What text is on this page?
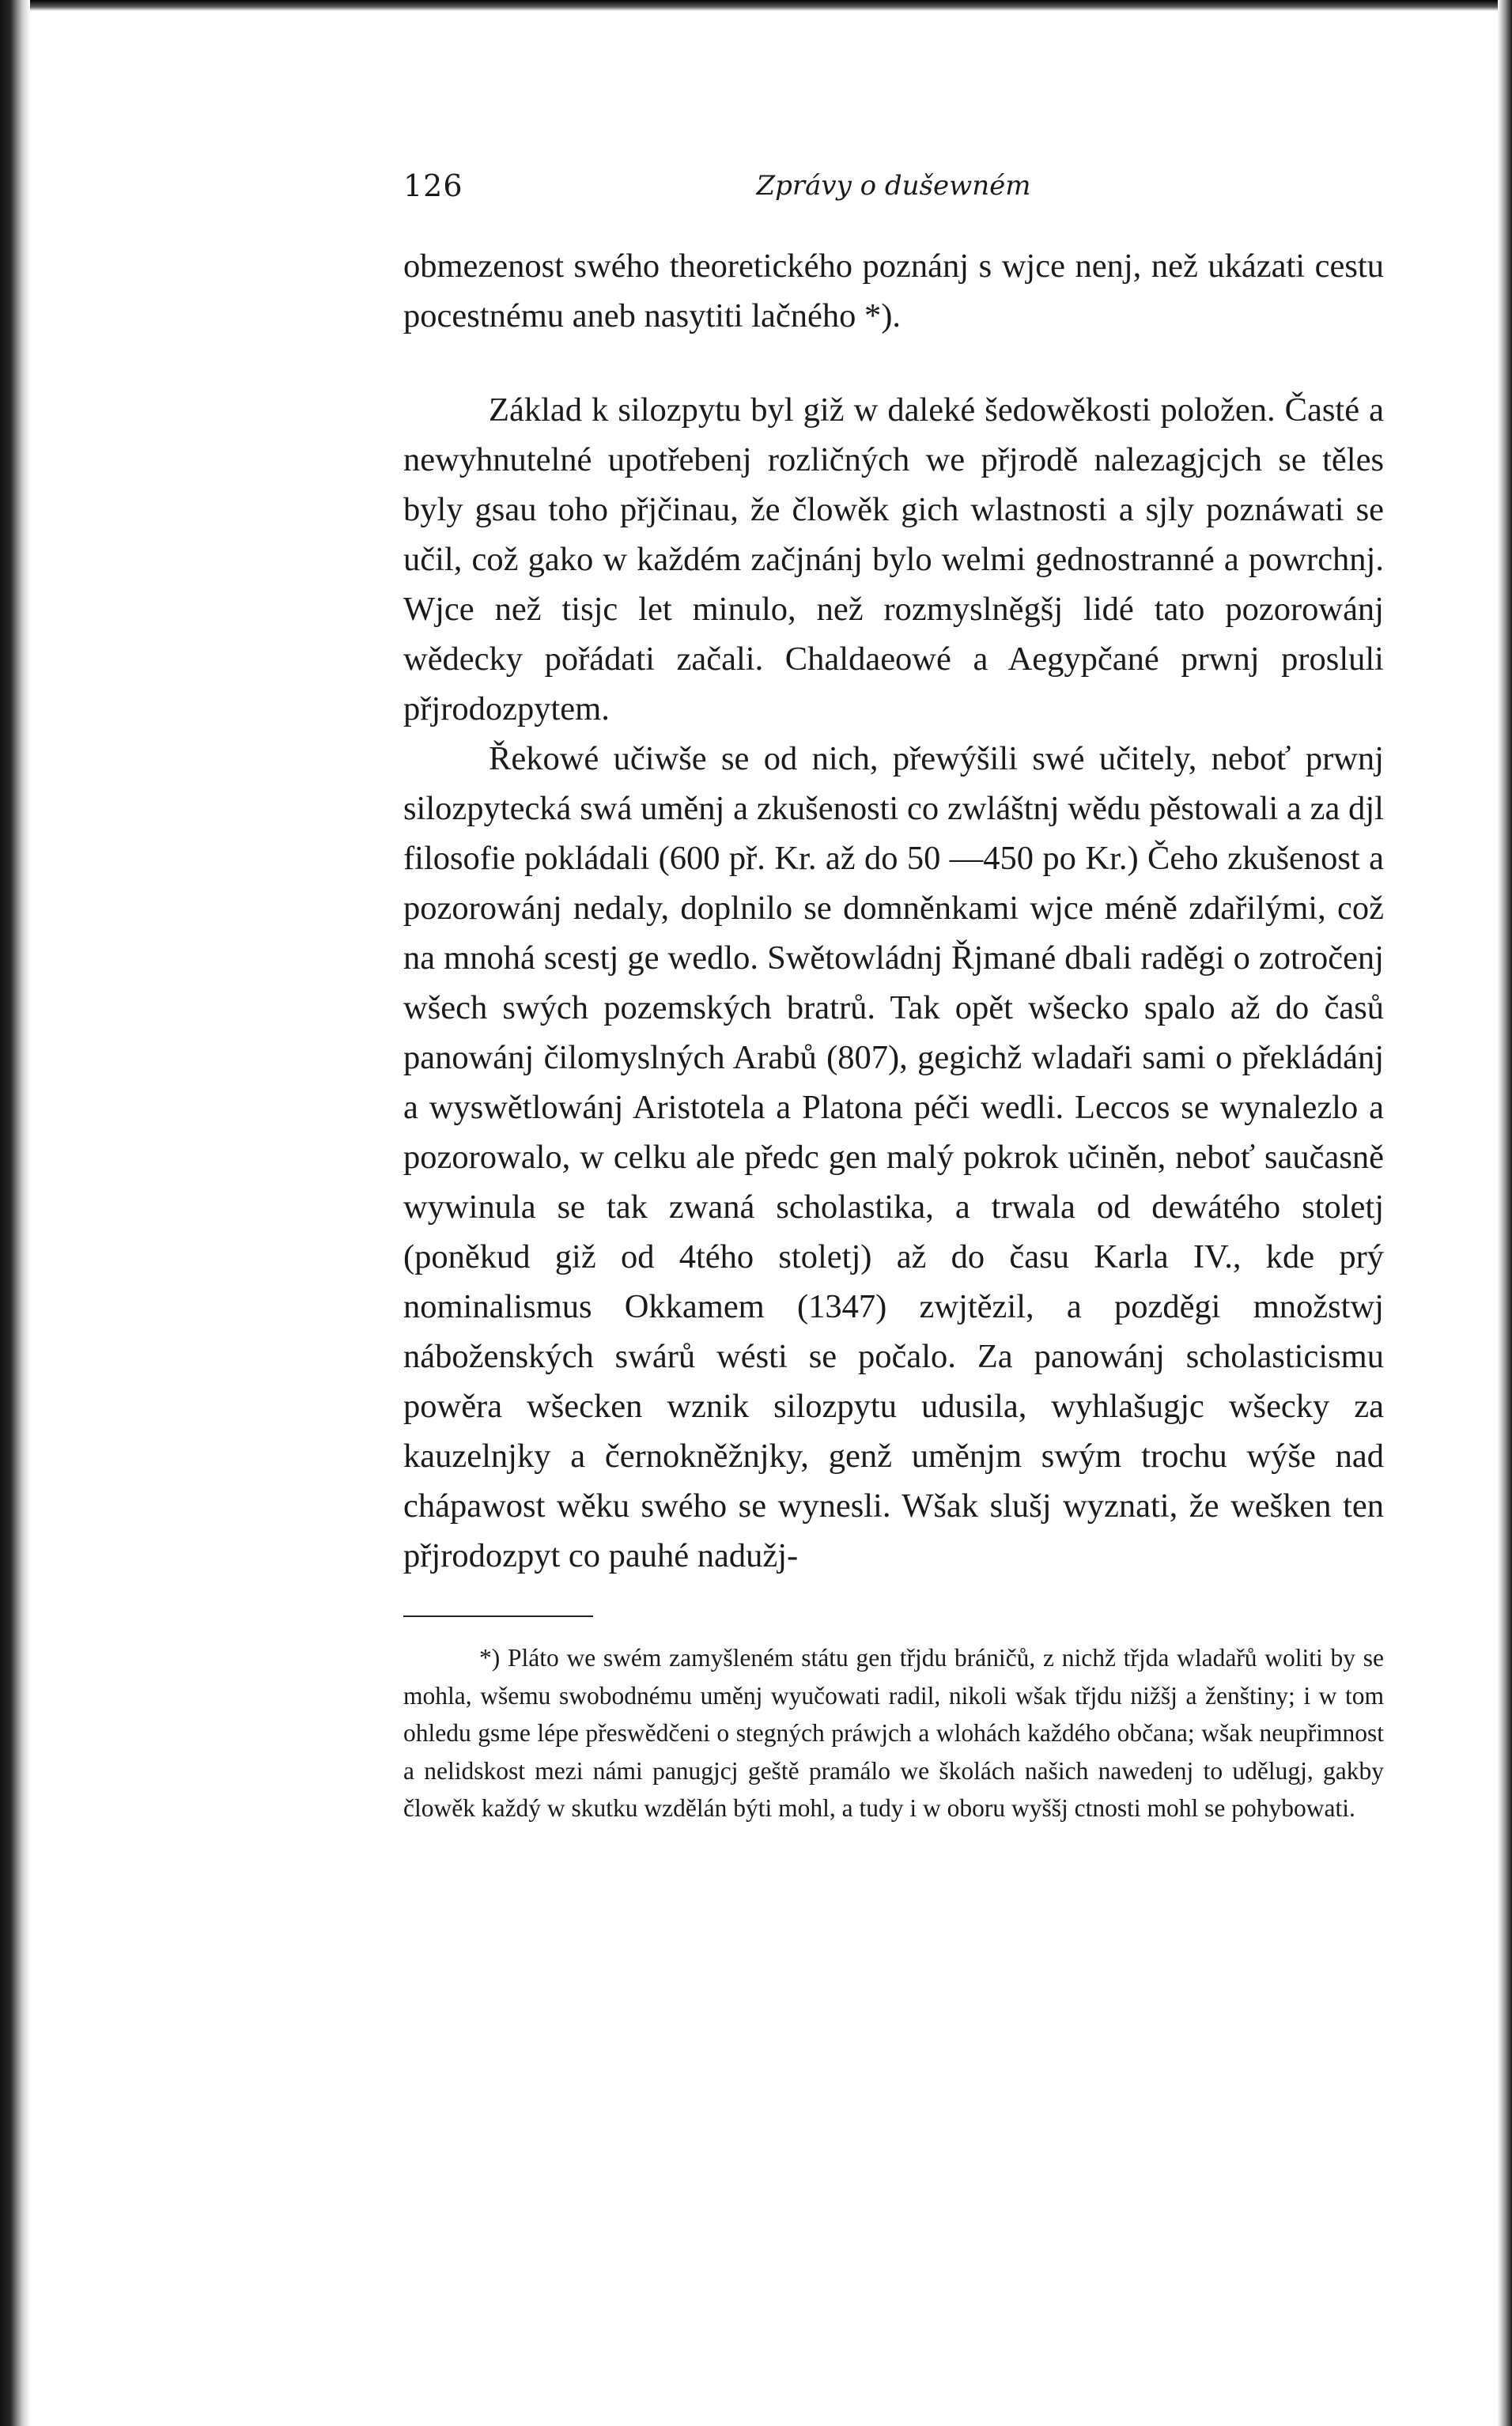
126	Zprávy o dušewném

obmezenost swého theoretického poznánj s wjce nenj, než ukázati cestu pocestnému aneb nasytiti lačného *).

Základ k silozpytu byl giž w daleké šedowěkosti položen. Časté a newyhnutelné upotřebenj rozličných we přjrodě nalezagjcjch se těles byly gsau toho přjčinau, že člowěk gich wlastnosti a sjly poznáwati se učil, což gako w každém začjnánj bylo welmi gednostranné a powrchnj. Wjce než tisjc let minulo, než rozmyslněgšj lidé tato pozorowánj wědecky pořádati začali. Chaldaeowé a Aegypčané prwnj prosluli přjrodozpytem.

Řekowé učiwše se od nich, přewýšili swé učitely, neboť prwnj silozpytecká swá uměnj a zkušenosti co zwláštnj wědu pěstowali a za djl filosofie pokládali (600 př. Kr. až do 50 —450 po Kr.) Čeho zkušenost a pozorowánj nedaly, doplnilo se domněnkami wjce méně zdařilými, což na mnohá scestj ge wedlo. Swětowládnj Řjmané dbali raděgi o zotročenj wšech swých pozemských bratrů. Tak opět wšecko spalo až do časů panowánj čilomyslných Arabů (807), gegichž wladaři sami o překládánj a wyswětlowánj Aristotela a Platona péči wedli. Leccos se wynalezlo a pozorowalo, w celku ale předc gen malý pokrok učiněn, neboť saučasně wywinula se tak zwaná scholastika, a trwala od dewátého stoletj (poněkud giž od 4tého stoletj) až do času Karla IV., kde prý nominalismus Okkamem (1347) zwjtězil, a pozděgi množstwj náboženských swárů wésti se počalo. Za panowánj scholasticismu powěra wšecken wznik silozpytu udusila, wyhlašugjc wšecky za kauzelnjky a černokněžnjky, genž uměnjm swým trochu wýše nad chápawost wěku swého se wynesli. Wšak slušj wyznati, že wešken ten přjrodozpyt co pauhé nadužj-

*) Pláto we swém zamyšleném státu gen třjdu bráničů, z nichž třjda wladařů woliti by se mohla, wšemu swobodnému uměnj wyučowati radil, nikoli wšak třjdu nižšj a ženštiny; i w tom ohledu gsme lépe přeswědčeni o stegných práwjch a wlohách každého občana; wšak neupřimnost a nelidskost mezi námi panugjcj geště pramálo we školách našich nawedenj to udělugj, gakby člowěk každý w skutku wzdělán býti mohl, a tudy i w oboru wyššj ctnosti mohl se pohybowati.
